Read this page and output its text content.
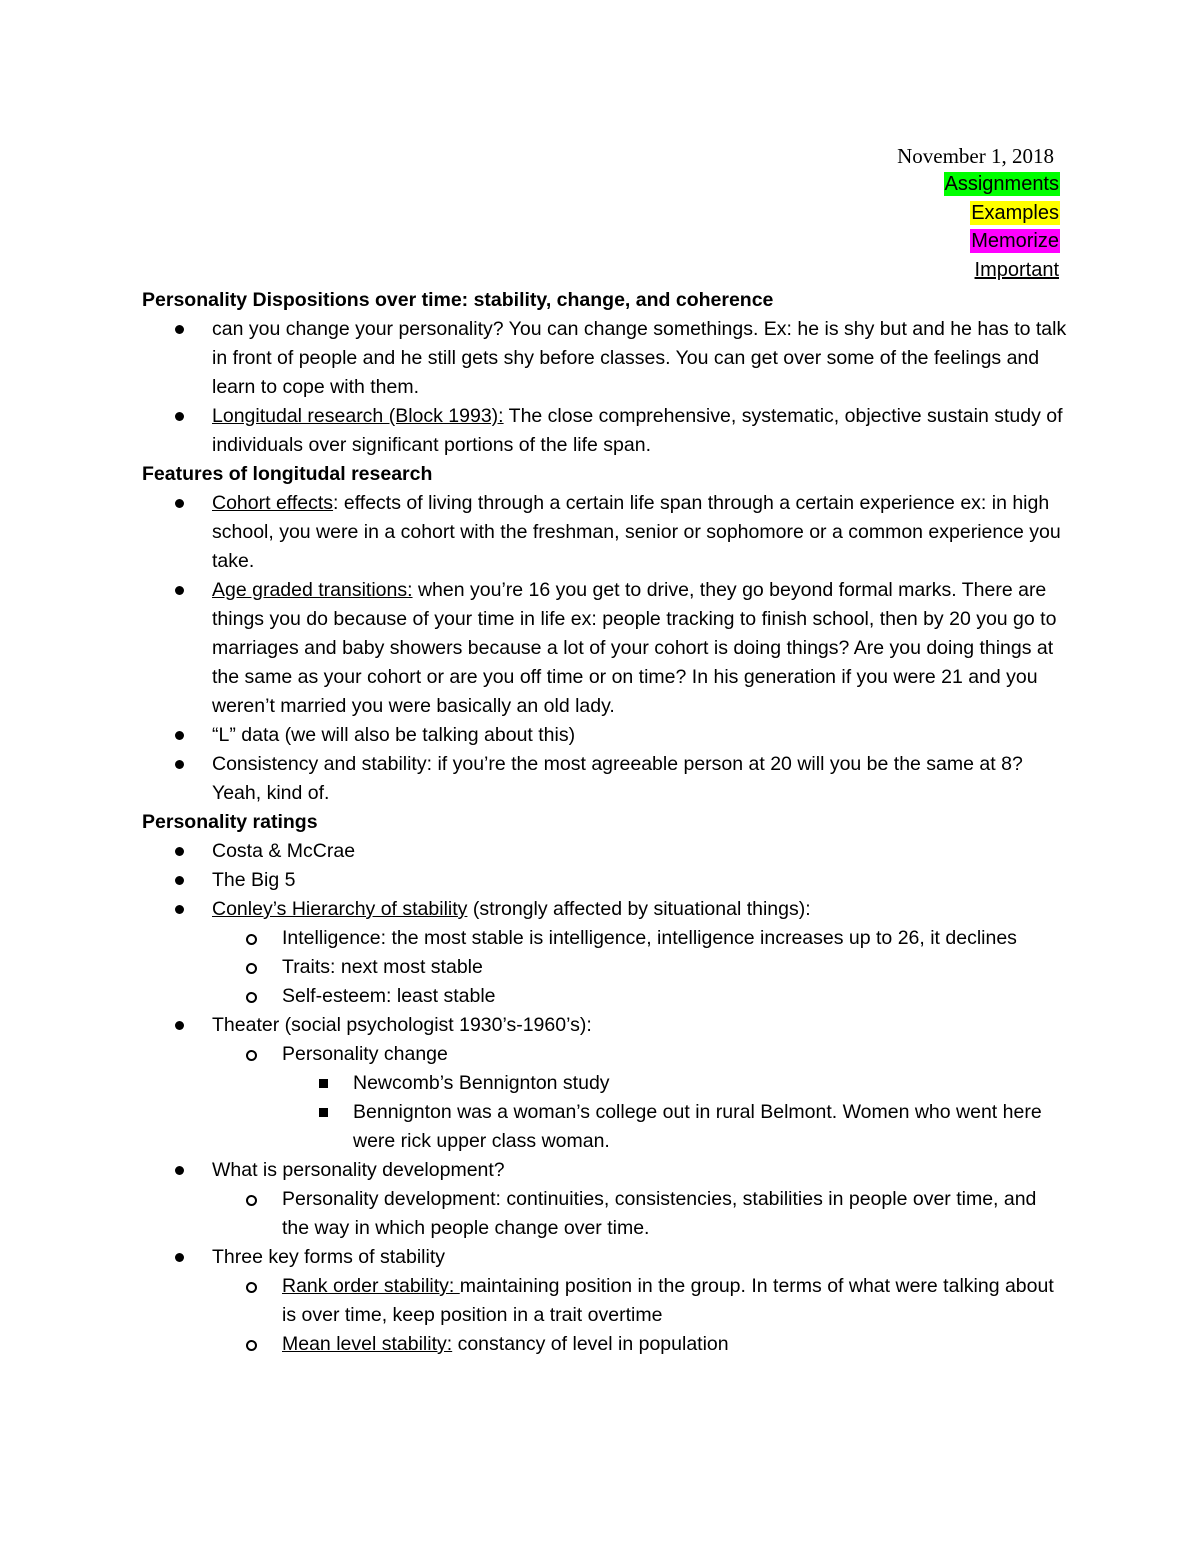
November 1, 2018
Assignments
Examples
Memorize
Important
Personality Dispositions over time: stability, change, and coherence
can you change your personality? You can change somethings. Ex: he is shy but and he has to talk in front of people and he still gets shy before classes. You can get over some of the feelings and learn to cope with them.
Longitudal research (Block 1993): The close comprehensive, systematic, objective sustain study of individuals over significant portions of the life span.
Features of longitudal research
Cohort effects: effects of living through a certain life span through a certain experience ex: in high school, you were in a cohort with the freshman, senior or sophomore or a common experience you take.
Age graded transitions: when you’re 16 you get to drive, they go beyond formal marks. There are things you do because of your time in life ex: people tracking to finish school, then by 20 you go to marriages and baby showers because a lot of your cohort is doing things? Are you doing things at the same as your cohort or are you off time or on time? In his generation if you were 21 and you weren’t married you were basically an old lady.
“L” data (we will also be talking about this)
Consistency and stability: if you’re the most agreeable person at 20 will you be the same at 8? Yeah, kind of.
Personality ratings
Costa & McCrae
The Big 5
Conley’s Hierarchy of stability (strongly affected by situational things):
Intelligence: the most stable is intelligence, intelligence increases up to 26, it declines
Traits: next most stable
Self-esteem: least stable
Theater (social psychologist 1930’s-1960’s):
Personality change
Newcomb’s Bennignton study
Bennignton was a woman’s college out in rural Belmont. Women who went here were rick upper class woman.
What is personality development?
Personality development: continuities, consistencies, stabilities in people over time, and the way in which people change over time.
Three key forms of stability
Rank order stability: maintaining position in the group. In terms of what were talking about is over time, keep position in a trait overtime
Mean level stability: constancy of level in population
